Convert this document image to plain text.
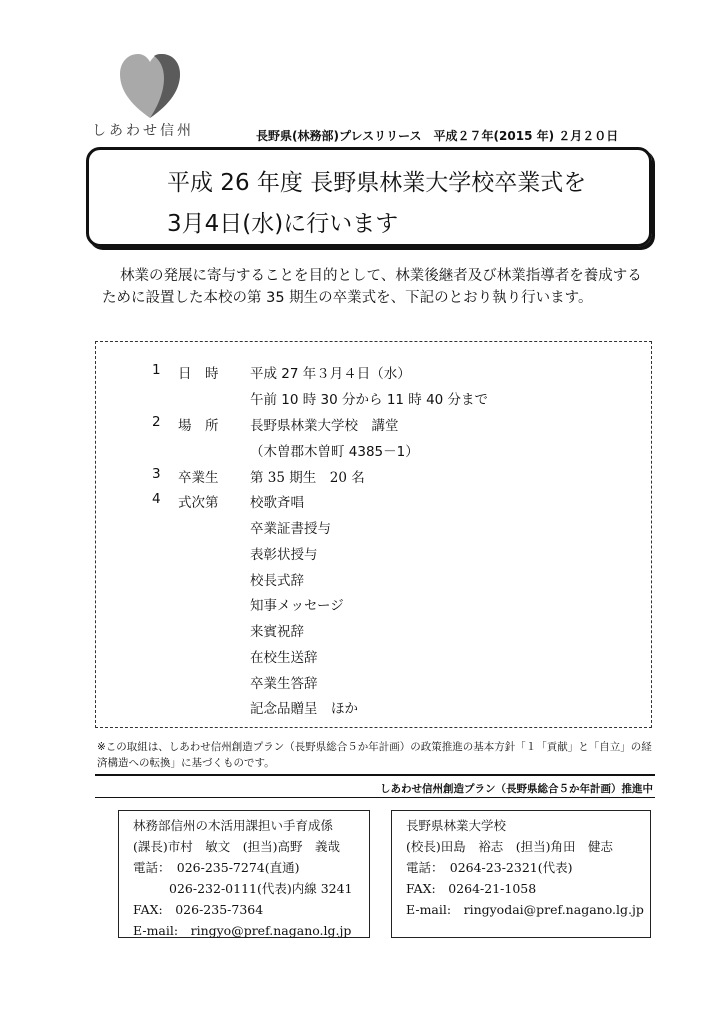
しあわせ信州	長野県(林務部)プレスリリース　平成２７年(2015 年) ２月２０日
平成 26 年度 長野県林業大学校卒業式を
3月4日(水)に行います

林業の発展に寄与することを目的として、林業後継者及び林業指導者を養成するために設置した本校の第 35 期生の卒業式を、下記のとおり執り行います。

1 日　時 平成 27 年３月４日（水）
午前 10 時 30 分から 11 時 40 分まで
2 場　所 長野県林業大学校　講堂
（木曽郡木曽町 4385－1）
3 卒業生 第 35 期生　20 名
4 式次第 校歌斉唱
卒業証書授与
表彰状授与
校長式辞
知事メッセージ
来賓祝辞
在校生送辞
卒業生答辞
記念品贈呈　ほか

※この取組は、しあわせ信州創造プラン（長野県総合５か年計画）の政策推進の基本方針「１「貢献」と「自立」の経済構造への転換」に基づくものです。

しあわせ信州創造プラン（長野県総合５か年計画）推進中
林務部信州の木活用課担い手育成係
(課長)市村　敏文　(担当)高野　義哉
電話：　026-235-7274(直通)
026-232-0111(代表)内線 3241
FAX:　026-235-7364
E-mail:　ringyo@pref.nagano.lg.jp
長野県林業大学校
(校長)田島　裕志　(担当)角田　健志
電話：　0264-23-2321(代表)
FAX:　0264-21-1058
E-mail:　ringyodai@pref.nagano.lg.jp
